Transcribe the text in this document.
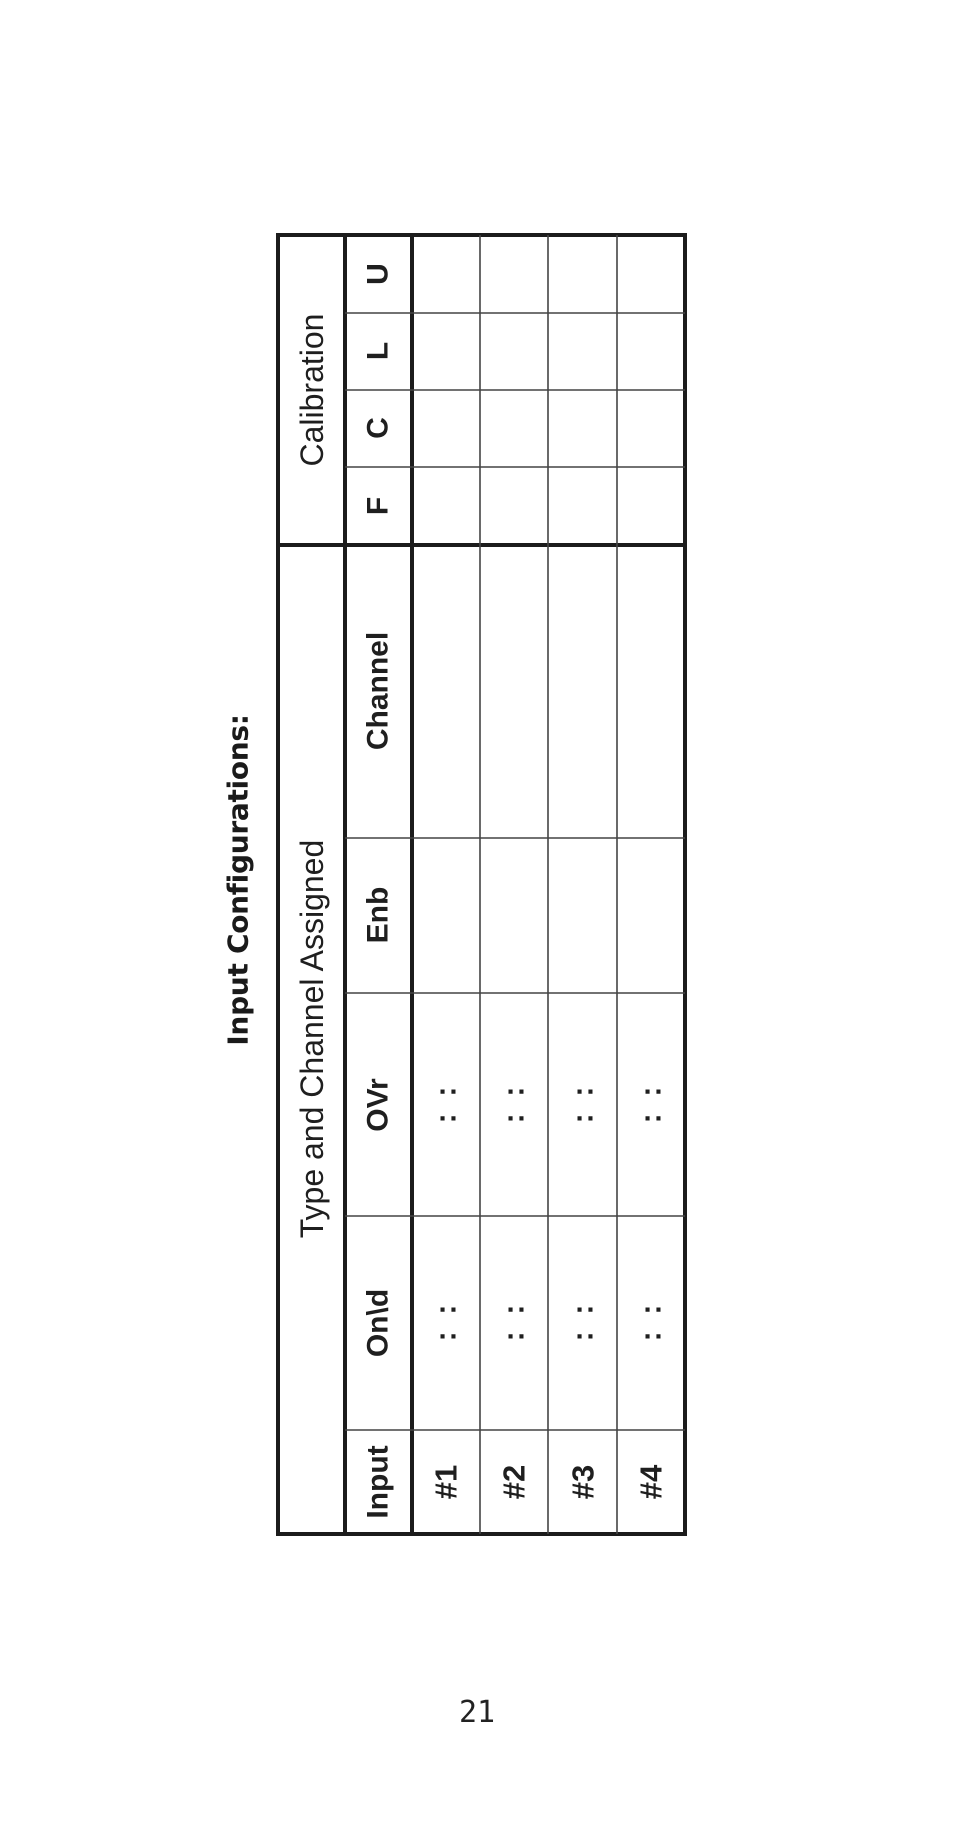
Input Configurations: Type and Channel Assigned
Calibration
Input
On\d
OVr
Enb
Channel
F
C
L
U
#1
:  :
:  :
#2
:  :
:  :
#3
:  :
:  :
#4
:  :
:  :
21
